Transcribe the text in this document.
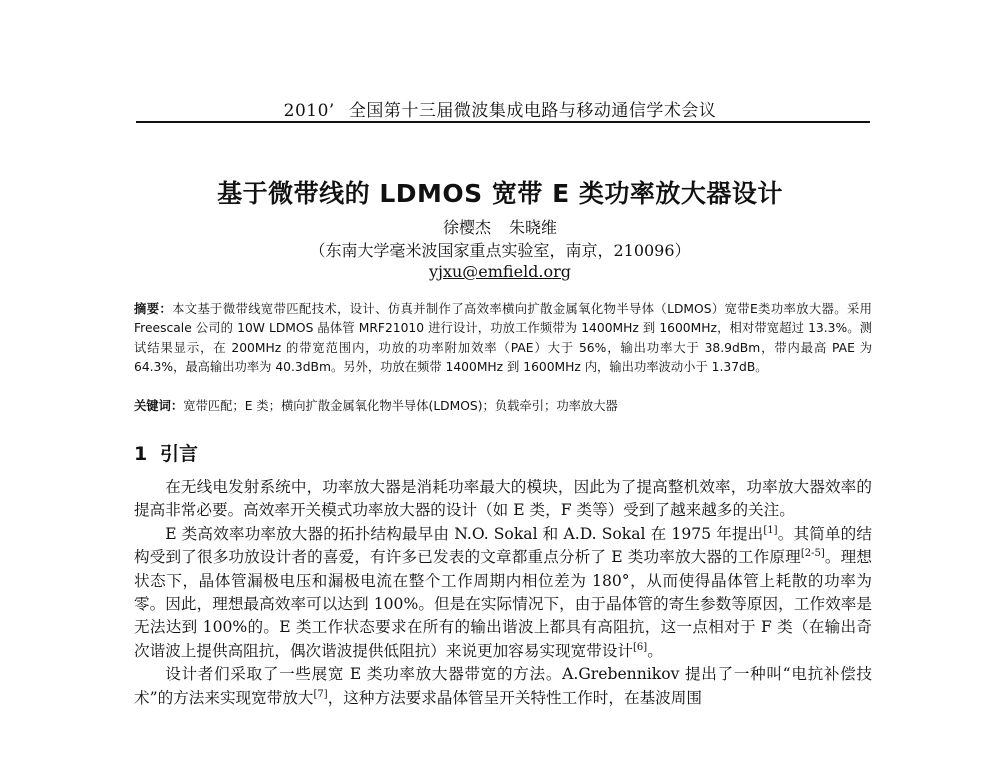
2010’ 全国第十三届微波集成电路与移动通信学术会议
基于微带线的 LDMOS 宽带 E 类功率放大器设计
徐樱杰 朱晓维
（东南大学毫米波国家重点实验室，南京，210096）
yjxu@emfield.org
摘要：本文基于微带线宽带匹配技术，设计、仿真并制作了高效率横向扩散金属氧化物半导体（LDMOS）宽带E类功率放大器。采用 Freescale 公司的 10W LDMOS 晶体管 MRF21010 进行设计，功放工作频带为 1400MHz 到 1600MHz，相对带宽超过 13.3%。测试结果显示，在 200MHz 的带宽范围内，功放的功率附加效率（PAE）大于 56%，输出功率大于 38.9dBm，带内最高 PAE 为 64.3%，最高输出功率为 40.3dBm。另外，功放在频带 1400MHz 到 1600MHz 内，输出功率波动小于 1.37dB。
关键词：宽带匹配；E 类；横向扩散金属氧化物半导体(LDMOS)；负载牵引；功率放大器
1 引言

在无线电发射系统中，功率放大器是消耗功率最大的模块，因此为了提高整机效率，功率放大器效率的提高非常必要。高效率开关模式功率放大器的设计（如 E 类，F 类等）受到了越来越多的关注。

E 类高效率功率放大器的拓扑结构最早由 N.O. Sokal 和 A.D. Sokal 在 1975 年提出[1]。其简单的结构受到了很多功放设计者的喜爱，有许多已发表的文章都重点分析了 E 类功率放大器的工作原理[2-5]。理想状态下，晶体管漏极电压和漏极电流在整个工作周期内相位差为 180°，从而使得晶体管上耗散的功率为零。因此，理想最高效率可以达到 100%。但是在实际情况下，由于晶体管的寄生参数等原因，工作效率是无法达到 100%的。E 类工作状态要求在所有的输出谐波上都具有高阻抗，这一点相对于 F 类（在输出奇次谐波上提供高阻抗，偶次谐波提供低阻抗）来说更加容易实现宽带设计[6]。

设计者们采取了一些展宽 E 类功率放大器带宽的方法。A.Grebennikov 提出了一种叫“电抗补偿技术”的方法来实现宽带放大[7]，这种方法要求晶体管呈开关特性工作时，在基波周围
